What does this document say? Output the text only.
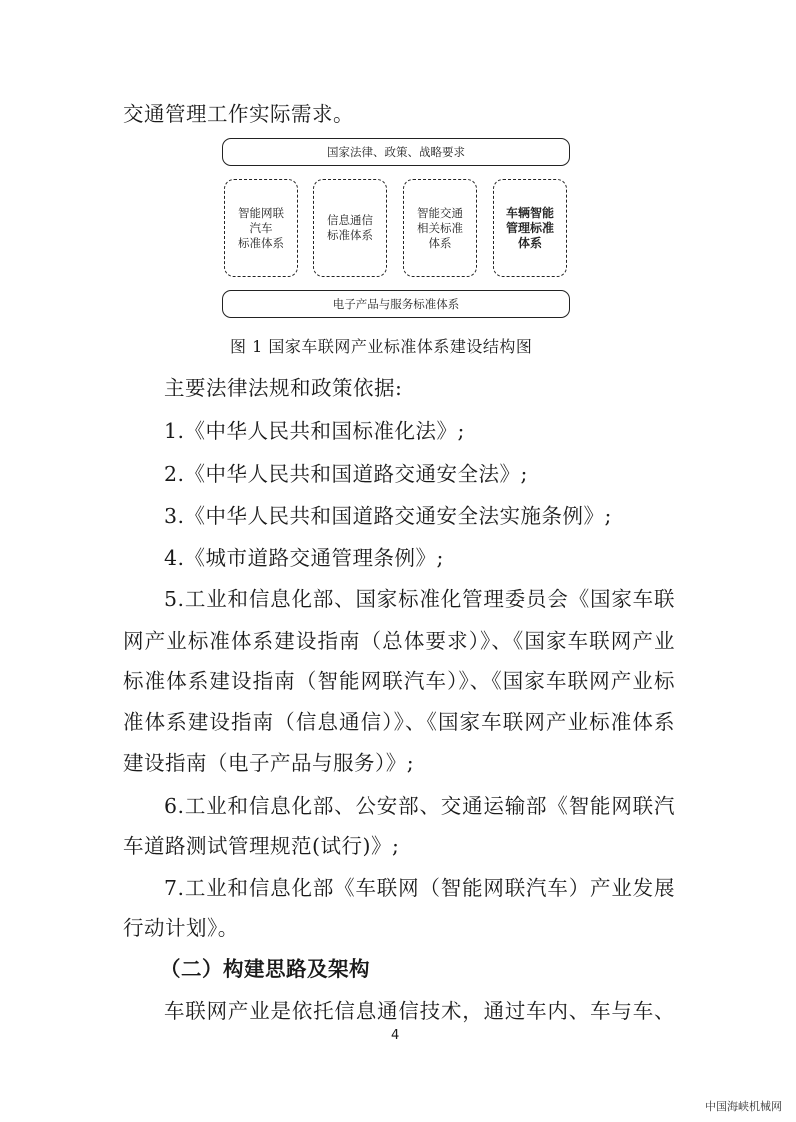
交通管理工作实际需求。
国家法律、政策、战略要求
智能网联
汽车
标准体系
信息通信
标准体系
智能交通
相关标准
体系
车辆智能
管理标准
体系
电子产品与服务标准体系
图 1 国家车联网产业标准体系建设结构图
主要法律法规和政策依据:
1.《中华人民共和国标准化法》;
2.《中华人民共和国道路交通安全法》;
3.《中华人民共和国道路交通安全法实施条例》;
4.《城市道路交通管理条例》;
5.工业和信息化部、国家标准化管理委员会《国家车联
网产业标准体系建设指南（总体要求）》、《国家车联网产业
标准体系建设指南（智能网联汽车）》、《国家车联网产业标
准体系建设指南（信息通信）》、《国家车联网产业标准体系
建设指南（电子产品与服务）》;
6.工业和信息化部、公安部、交通运输部《智能网联汽
车道路测试管理规范(试行)》;
7.工业和信息化部《车联网（智能网联汽车）产业发展
行动计划》。
（二）构建思路及架构
车联网产业是依托信息通信技术，通过车内、车与车、
4
中国海峡机械网
